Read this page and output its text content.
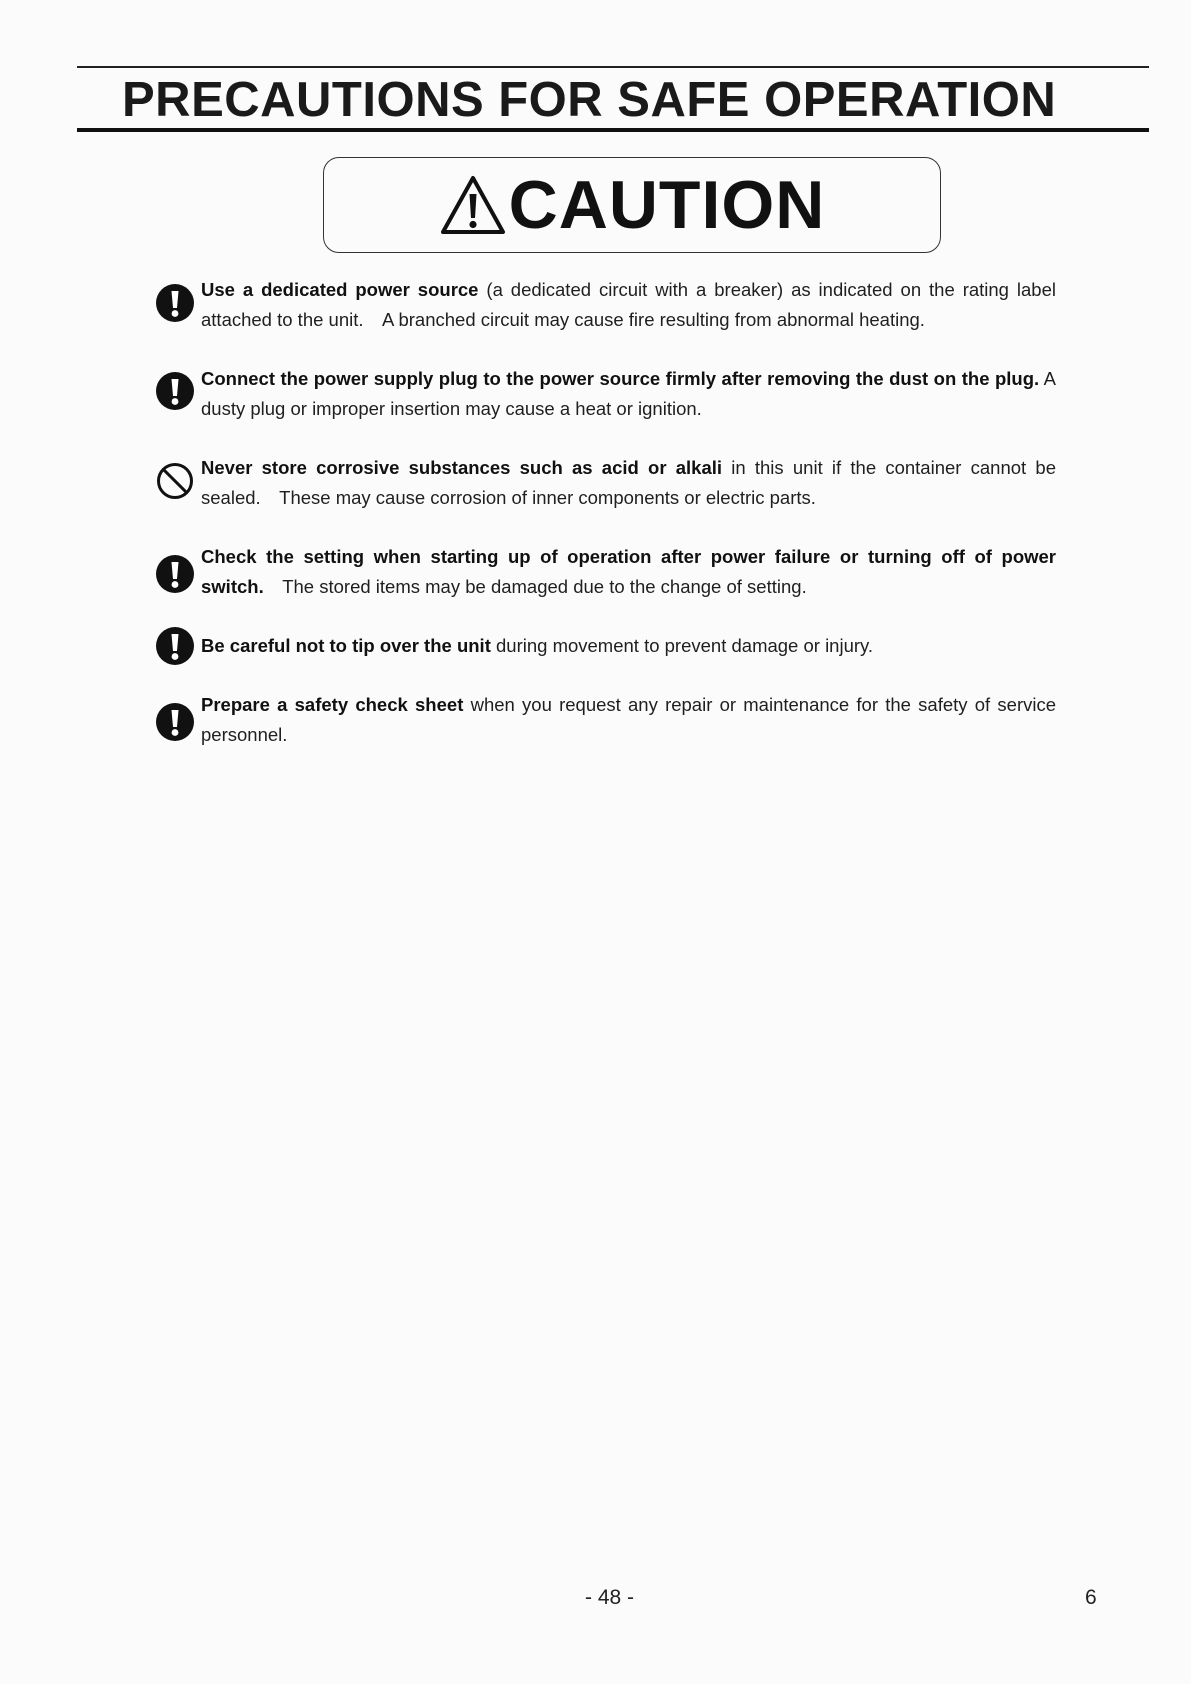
PRECAUTIONS FOR SAFE OPERATION
CAUTION

Use a dedicated power source (a dedicated circuit with a breaker) as indicated on the rating label attached to the unit. A branched circuit may cause fire resulting from abnormal heating.

Connect the power supply plug to the power source firmly after removing the dust on the plug. A dusty plug or improper insertion may cause a heat or ignition.

Never store corrosive substances such as acid or alkali in this unit if the container cannot be sealed. These may cause corrosion of inner components or electric parts.

Check the setting when starting up of operation after power failure or turning off of power switch. The stored items may be damaged due to the change of setting.

Be careful not to tip over the unit during movement to prevent damage or injury.

Prepare a safety check sheet when you request any repair or maintenance for the safety of service personnel.

- 48 -	6
